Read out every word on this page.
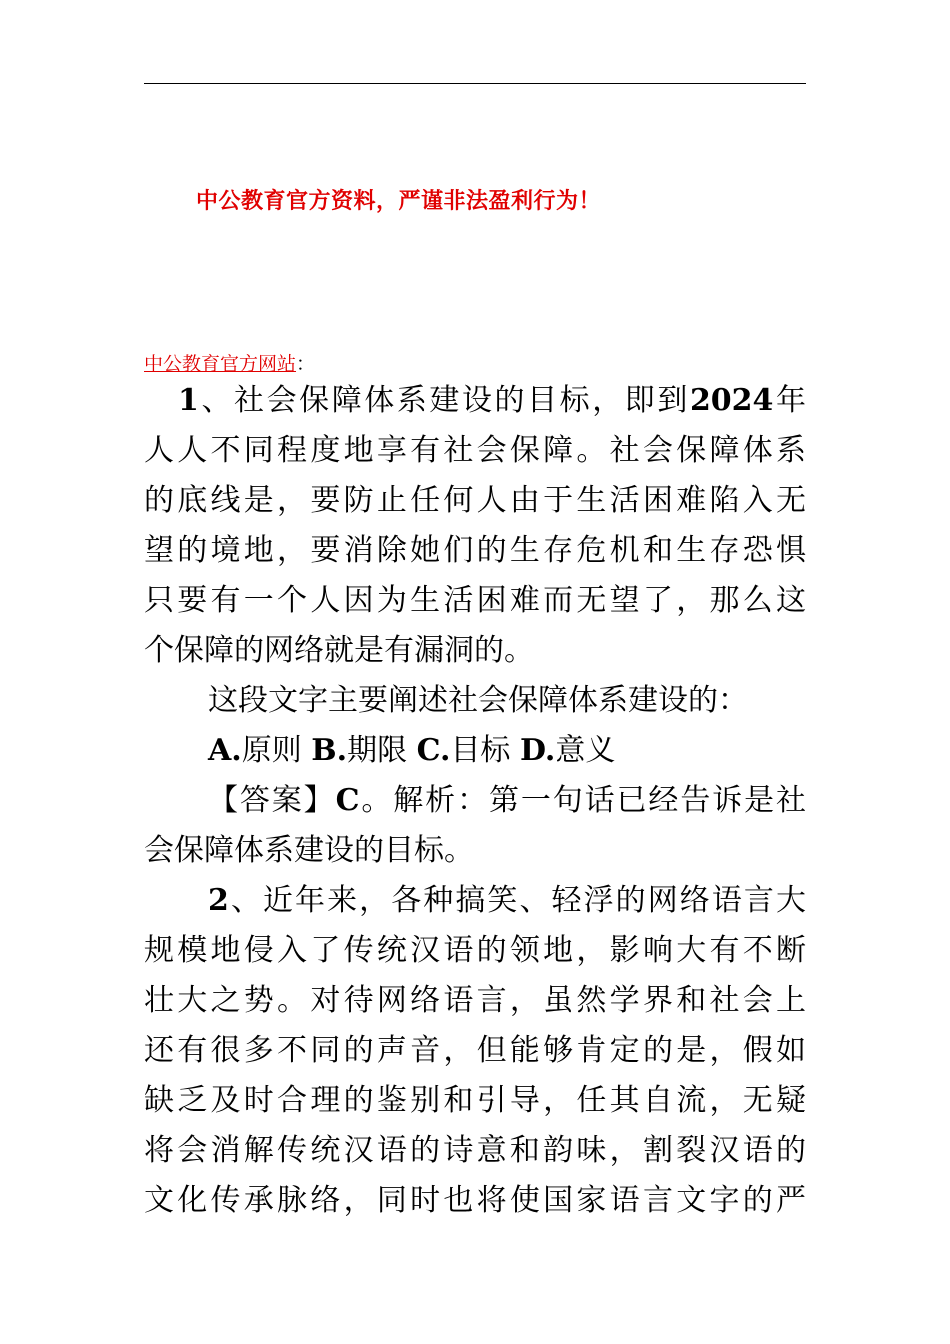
中公教育官方资料，严谨非法盈利行为！
中公教育官方网站：
1、社会保障体系建设的目标，即到2024年
人人不同程度地享有社会保障。社会保障体系
的底线是，要防止任何人由于生活困难陷入无
望的境地，要消除她们的生存危机和生存恐惧
只要有一个人因为生活困难而无望了，那么这
个保障的网络就是有漏洞的。
这段文字主要阐述社会保障体系建设的：
A.原则 B.期限 C.目标 D.意义
【答案】C。解析：第一句话已经告诉是社
会保障体系建设的目标。
2、近年来，各种搞笑、轻浮的网络语言大
规模地侵入了传统汉语的领地，影响大有不断
壮大之势。对待网络语言，虽然学界和社会上
还有很多不同的声音，但能够肯定的是，假如
缺乏及时合理的鉴别和引导，任其自流，无疑
将会消解传统汉语的诗意和韵味，割裂汉语的
文化传承脉络，同时也将使国家语言文字的严
